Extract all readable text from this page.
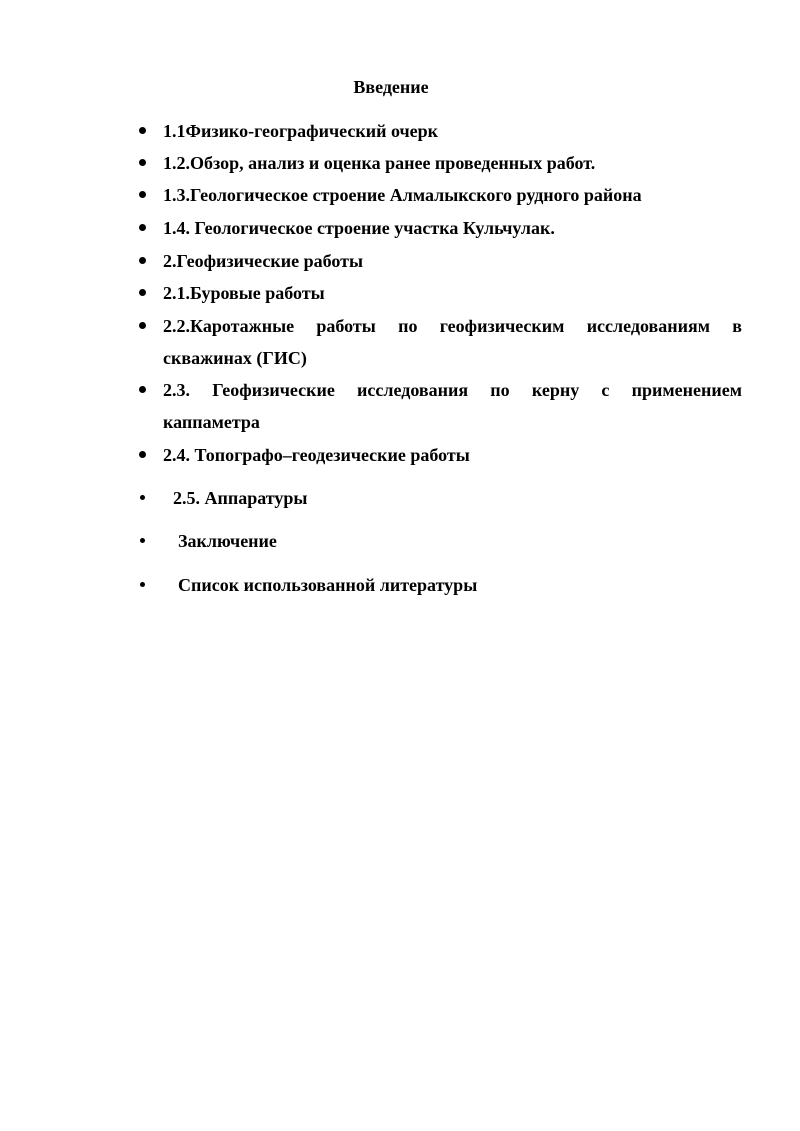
Введение
1.1Физико-географический очерк
1.2.Обзор, анализ и оценка ранее проведенных работ.
1.3.Геологическое строение Алмалыкского рудного района
1.4. Геологическое строение участка Кульчулак.
2.Геофизические работы
2.1.Буровые работы
2.2.Каротажные работы по геофизическим исследованиям в
скважинах (ГИС)
2.3. Геофизические исследования по керну с применением
каппаметра
2.4. Топографо–геодезические работы
2.5. Аппаратуры
Заключение
Список использованной литературы
